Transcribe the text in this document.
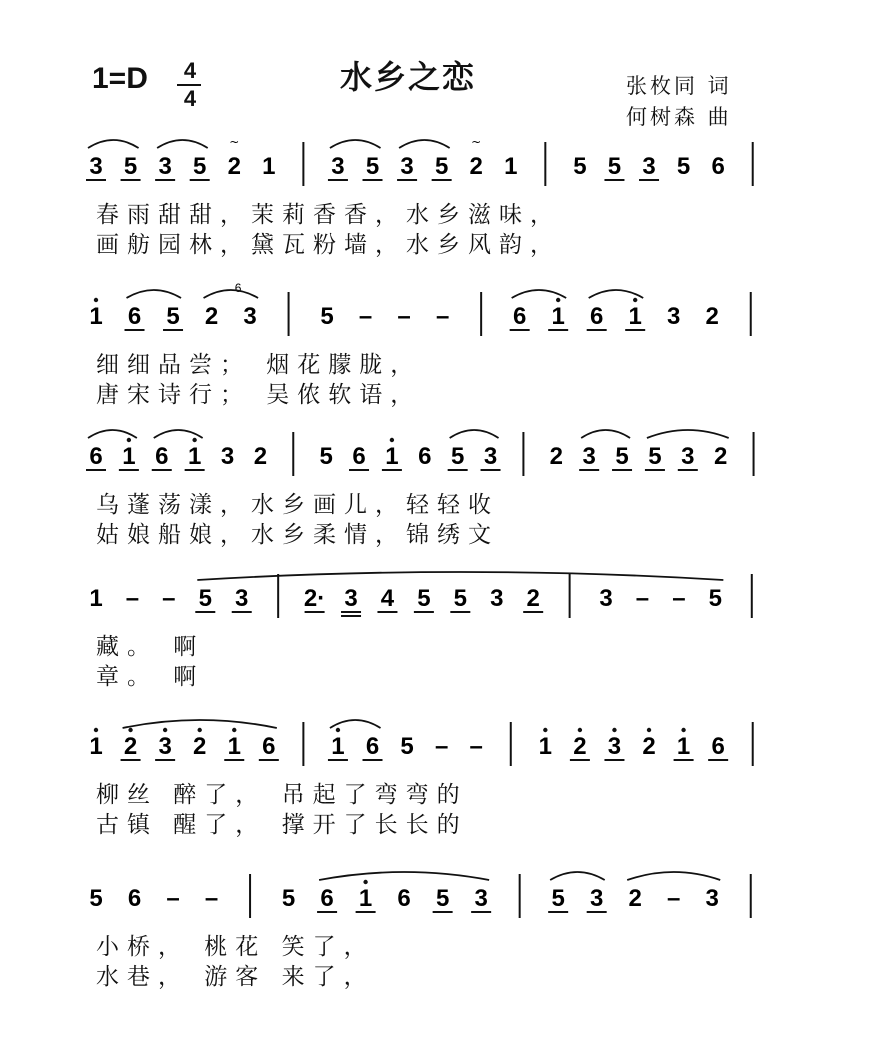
1=D	4
4
水乡之恋	张枚同 词
何树森 曲
3 5 3 5 2
~
1 3 5 3 5 2
~
1 5 5 3 5 6
春雨甜甜，茉莉香香，水乡滋味，
画舫园林，黛瓦粉墙，水乡风韵，
1 6 5 2 3
6
5 – – –	6 1 6 1 3 2
细细品尝； 烟花朦胧，
唐宋诗行； 吴侬软语，
6 1 6 1 3 2 5 6 1 6 5 3 2 3 5 5 3 2
乌蓬荡漾，水乡画儿，轻轻收
姑娘船娘，水乡柔情，锦绣文
1 – – 5 3 2· 3 4 5 5 3 2 3 – – 5
藏。 啊
章。 啊
1 2 3 2 1 6 1 6 5 – – 1 2 3 2 1 6
柳丝 醉了， 吊起了弯弯的
古镇 醒了， 撑开了长长的
5 6 – –	5 6 1 6 5 3	5 3 2 – 3
小桥， 桃花 笑了，
水巷， 游客 来了，
